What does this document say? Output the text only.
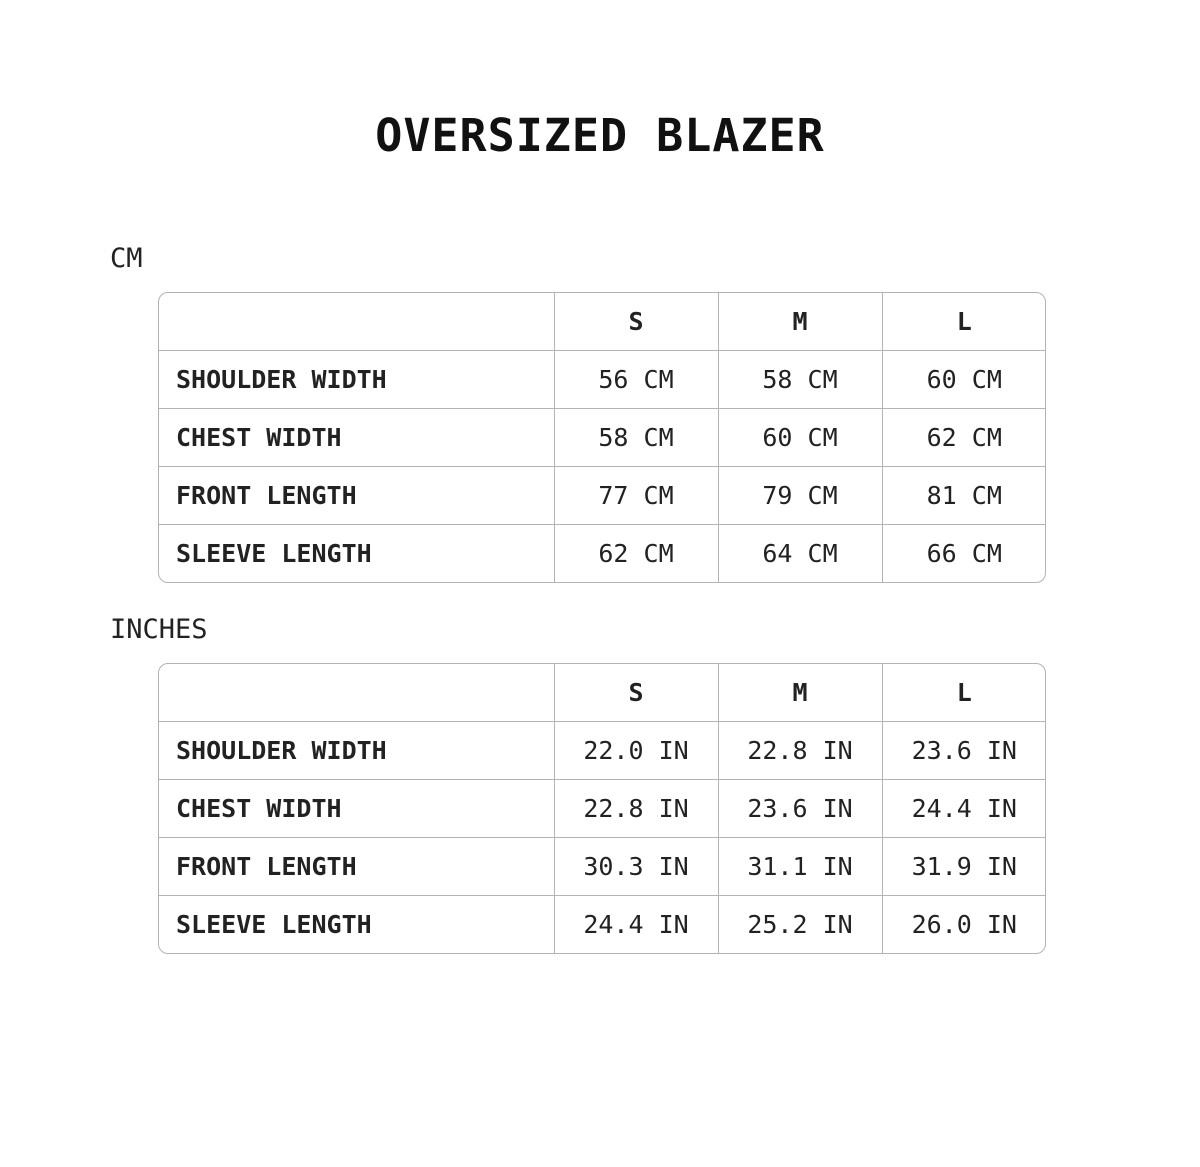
OVERSIZED BLAZER
CM
	S	M	L
SHOULDER WIDTH	56 CM	58 CM	60 CM
CHEST WIDTH	58 CM	60 CM	62 CM
FRONT LENGTH	77 CM	79 CM	81 CM
SLEEVE LENGTH	62 CM	64 CM	66 CM
INCHES
	S	M	L
SHOULDER WIDTH	22.0 IN	22.8 IN	23.6 IN
CHEST WIDTH	22.8 IN	23.6 IN	24.4 IN
FRONT LENGTH	30.3 IN	31.1 IN	31.9 IN
SLEEVE LENGTH	24.4 IN	25.2 IN	26.0 IN
